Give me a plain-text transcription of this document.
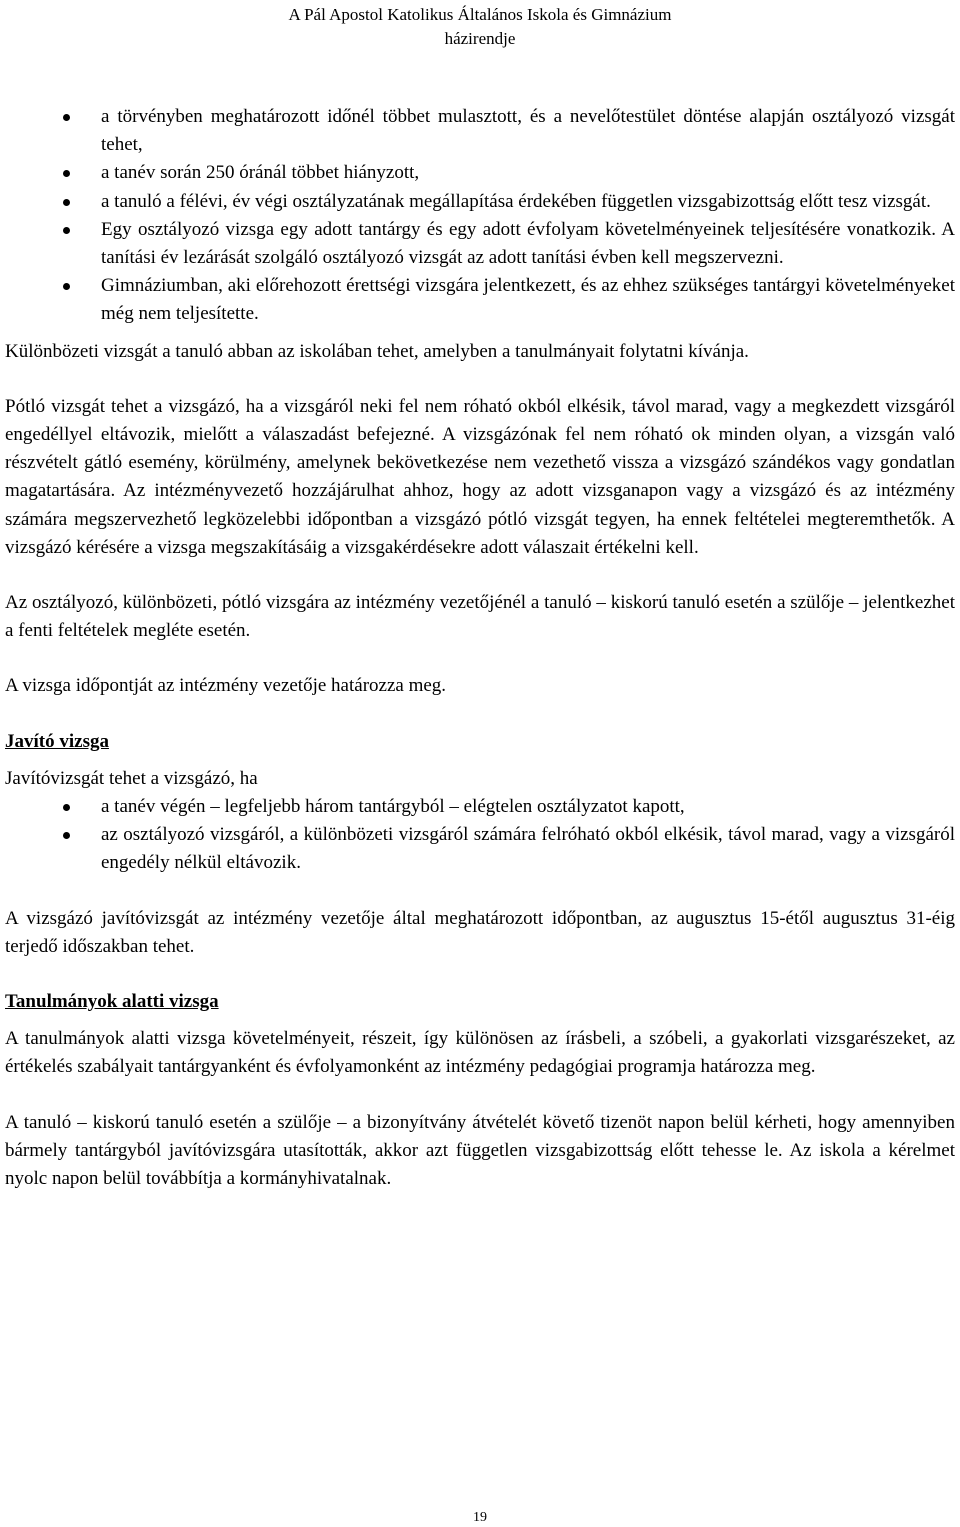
A Pál Apostol Katolikus Általános Iskola és Gimnázium
házirendje
a törvényben meghatározott időnél többet mulasztott, és a nevelőtestület döntése alapján osztályozó vizsgát tehet,
a tanév során 250 óránál többet hiányzott,
a tanuló a félévi, év végi osztályzatának megállapítása érdekében független vizsgabizottság előtt tesz vizsgát.
Egy osztályozó vizsga egy adott tantárgy és egy adott évfolyam követelményeinek teljesítésére vonatkozik. A tanítási év lezárását szolgáló osztályozó vizsgát az adott tanítási évben kell megszervezni.
Gimnáziumban, aki előrehozott érettségi vizsgára jelentkezett, és az ehhez szükséges tantárgyi követelményeket még nem teljesítette.

Különbözeti vizsgát a tanuló abban az iskolában tehet, amelyben a tanulmányait folytatni kívánja.

Pótló vizsgát tehet a vizsgázó, ha a vizsgáról neki fel nem róható okból elkésik, távol marad, vagy a megkezdett vizsgáról engedéllyel eltávozik, mielőtt a válaszadást befejezné. A vizsgázónak fel nem róható ok minden olyan, a vizsgán való részvételt gátló esemény, körülmény, amelynek bekövetkezése nem vezethető vissza a vizsgázó szándékos vagy gondatlan magatartására. Az intézményvezető hozzájárulhat ahhoz, hogy az adott vizsganapon vagy a vizsgázó és az intézmény számára megszervezhető legközelebbi időpontban a vizsgázó pótló vizsgát tegyen, ha ennek feltételei megteremthetők. A vizsgázó kérésére a vizsga megszakításáig a vizsgakérdésekre adott válaszait értékelni kell.

Az osztályozó, különbözeti, pótló vizsgára az intézmény vezetőjénél a tanuló – kiskorú tanuló esetén a szülője – jelentkezhet a fenti feltételek megléte esetén.

A vizsga időpontját az intézmény vezetője határozza meg.

Javító vizsga

Javítóvizsgát tehet a vizsgázó, ha

a tanév végén – legfeljebb három tantárgyból – elégtelen osztályzatot kapott,
az osztályozó vizsgáról, a különbözeti vizsgáról számára felróható okból elkésik, távol marad, vagy a vizsgáról engedély nélkül eltávozik.

A vizsgázó javítóvizsgát az intézmény vezetője által meghatározott időpontban, az augusztus 15-étől augusztus 31-éig terjedő időszakban tehet.

Tanulmányok alatti vizsga

A tanulmányok alatti vizsga követelményeit, részeit, így különösen az írásbeli, a szóbeli, a gyakorlati vizsgarészeket, az értékelés szabályait tantárgyanként és évfolyamonként az intézmény pedagógiai programja határozza meg.

A tanuló – kiskorú tanuló esetén a szülője – a bizonyítvány átvételét követő tizenöt napon belül kérheti, hogy amennyiben bármely tantárgyból javítóvizsgára utasították, akkor azt független vizsgabizottság előtt tehesse le. Az iskola a kérelmet nyolc napon belül továbbítja a kormányhivatalnak.

19
